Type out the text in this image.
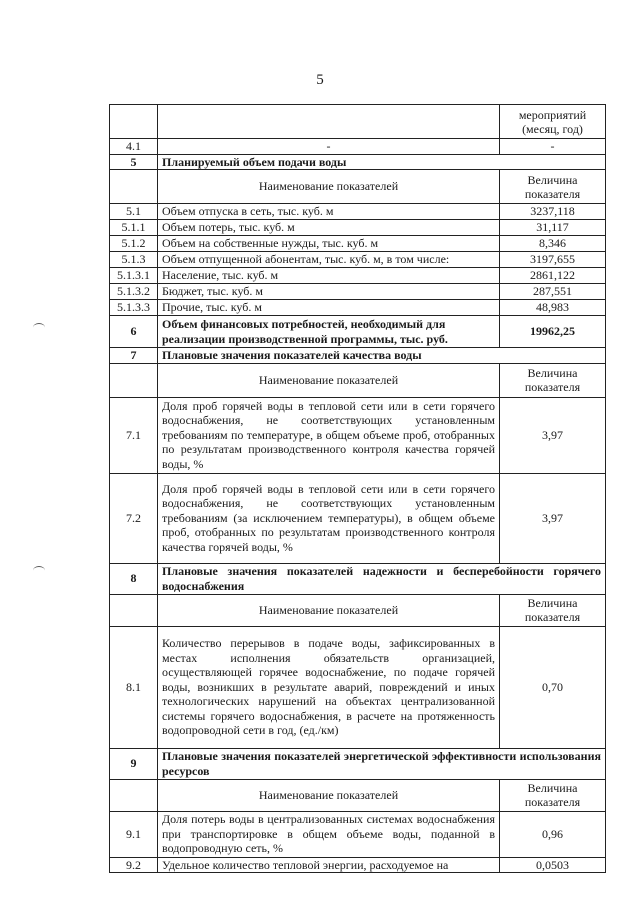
5
		мероприятий (месяц, год)
4.1	-	-
5	Планируемый объем подачи воды	
	Наименование показателей	Величина показателя
5.1	Объем отпуска в сеть, тыс. куб. м	3237,118
5.1.1	Объем потерь, тыс. куб. м	31,117
5.1.2	Объем на собственные нужды, тыс. куб. м	8,346
5.1.3	Объем отпущенной абонентам, тыс. куб. м, в том числе:	3197,655
5.1.3.1	Население, тыс. куб. м	2861,122
5.1.3.2	Бюджет, тыс. куб. м	287,551
5.1.3.3	Прочие, тыс. куб. м	48,983
6	Объем финансовых потребностей, необходимый для реализации производственной программы, тыс. руб.	19962,25
7	Плановые значения показателей качества воды	
	Наименование показателей	Величина показателя
7.1	Доля проб горячей воды в тепловой сети или в сети горячего водоснабжения, не соответствующих установленным требованиям по температуре, в общем объеме проб, отобранных по результатам производственного контроля качества горячей воды, %	3,97
7.2	Доля проб горячей воды в тепловой сети или в сети горячего водоснабжения, не соответствующих установленным требованиям (за исключением температуры), в общем объеме проб, отобранных по результатам производственного контроля качества горячей воды, %	3,97
8	Плановые значения показателей надежности и бесперебойности горячего водоснабжения	
	Наименование показателей	Величина показателя
8.1	Количество перерывов в подаче воды, зафиксированных в местах исполнения обязательств организацией, осуществляющей горячее водоснабжение, по подаче горячей воды, возникших в результате аварий, повреждений и иных технологических нарушений на объектах централизованной системы горячего водоснабжения, в расчете на протяженность водопроводной сети в год, (ед./км)	0,70
9	Плановые значения показателей энергетической эффективности использования ресурсов	
	Наименование показателей	Величина показателя
9.1	Доля потерь воды в централизованных системах водоснабжения при транспортировке в общем объеме воды, поданной в водопроводную сеть, %	0,96
9.2	Удельное количество тепловой энергии, расходуемое на	0,0503
